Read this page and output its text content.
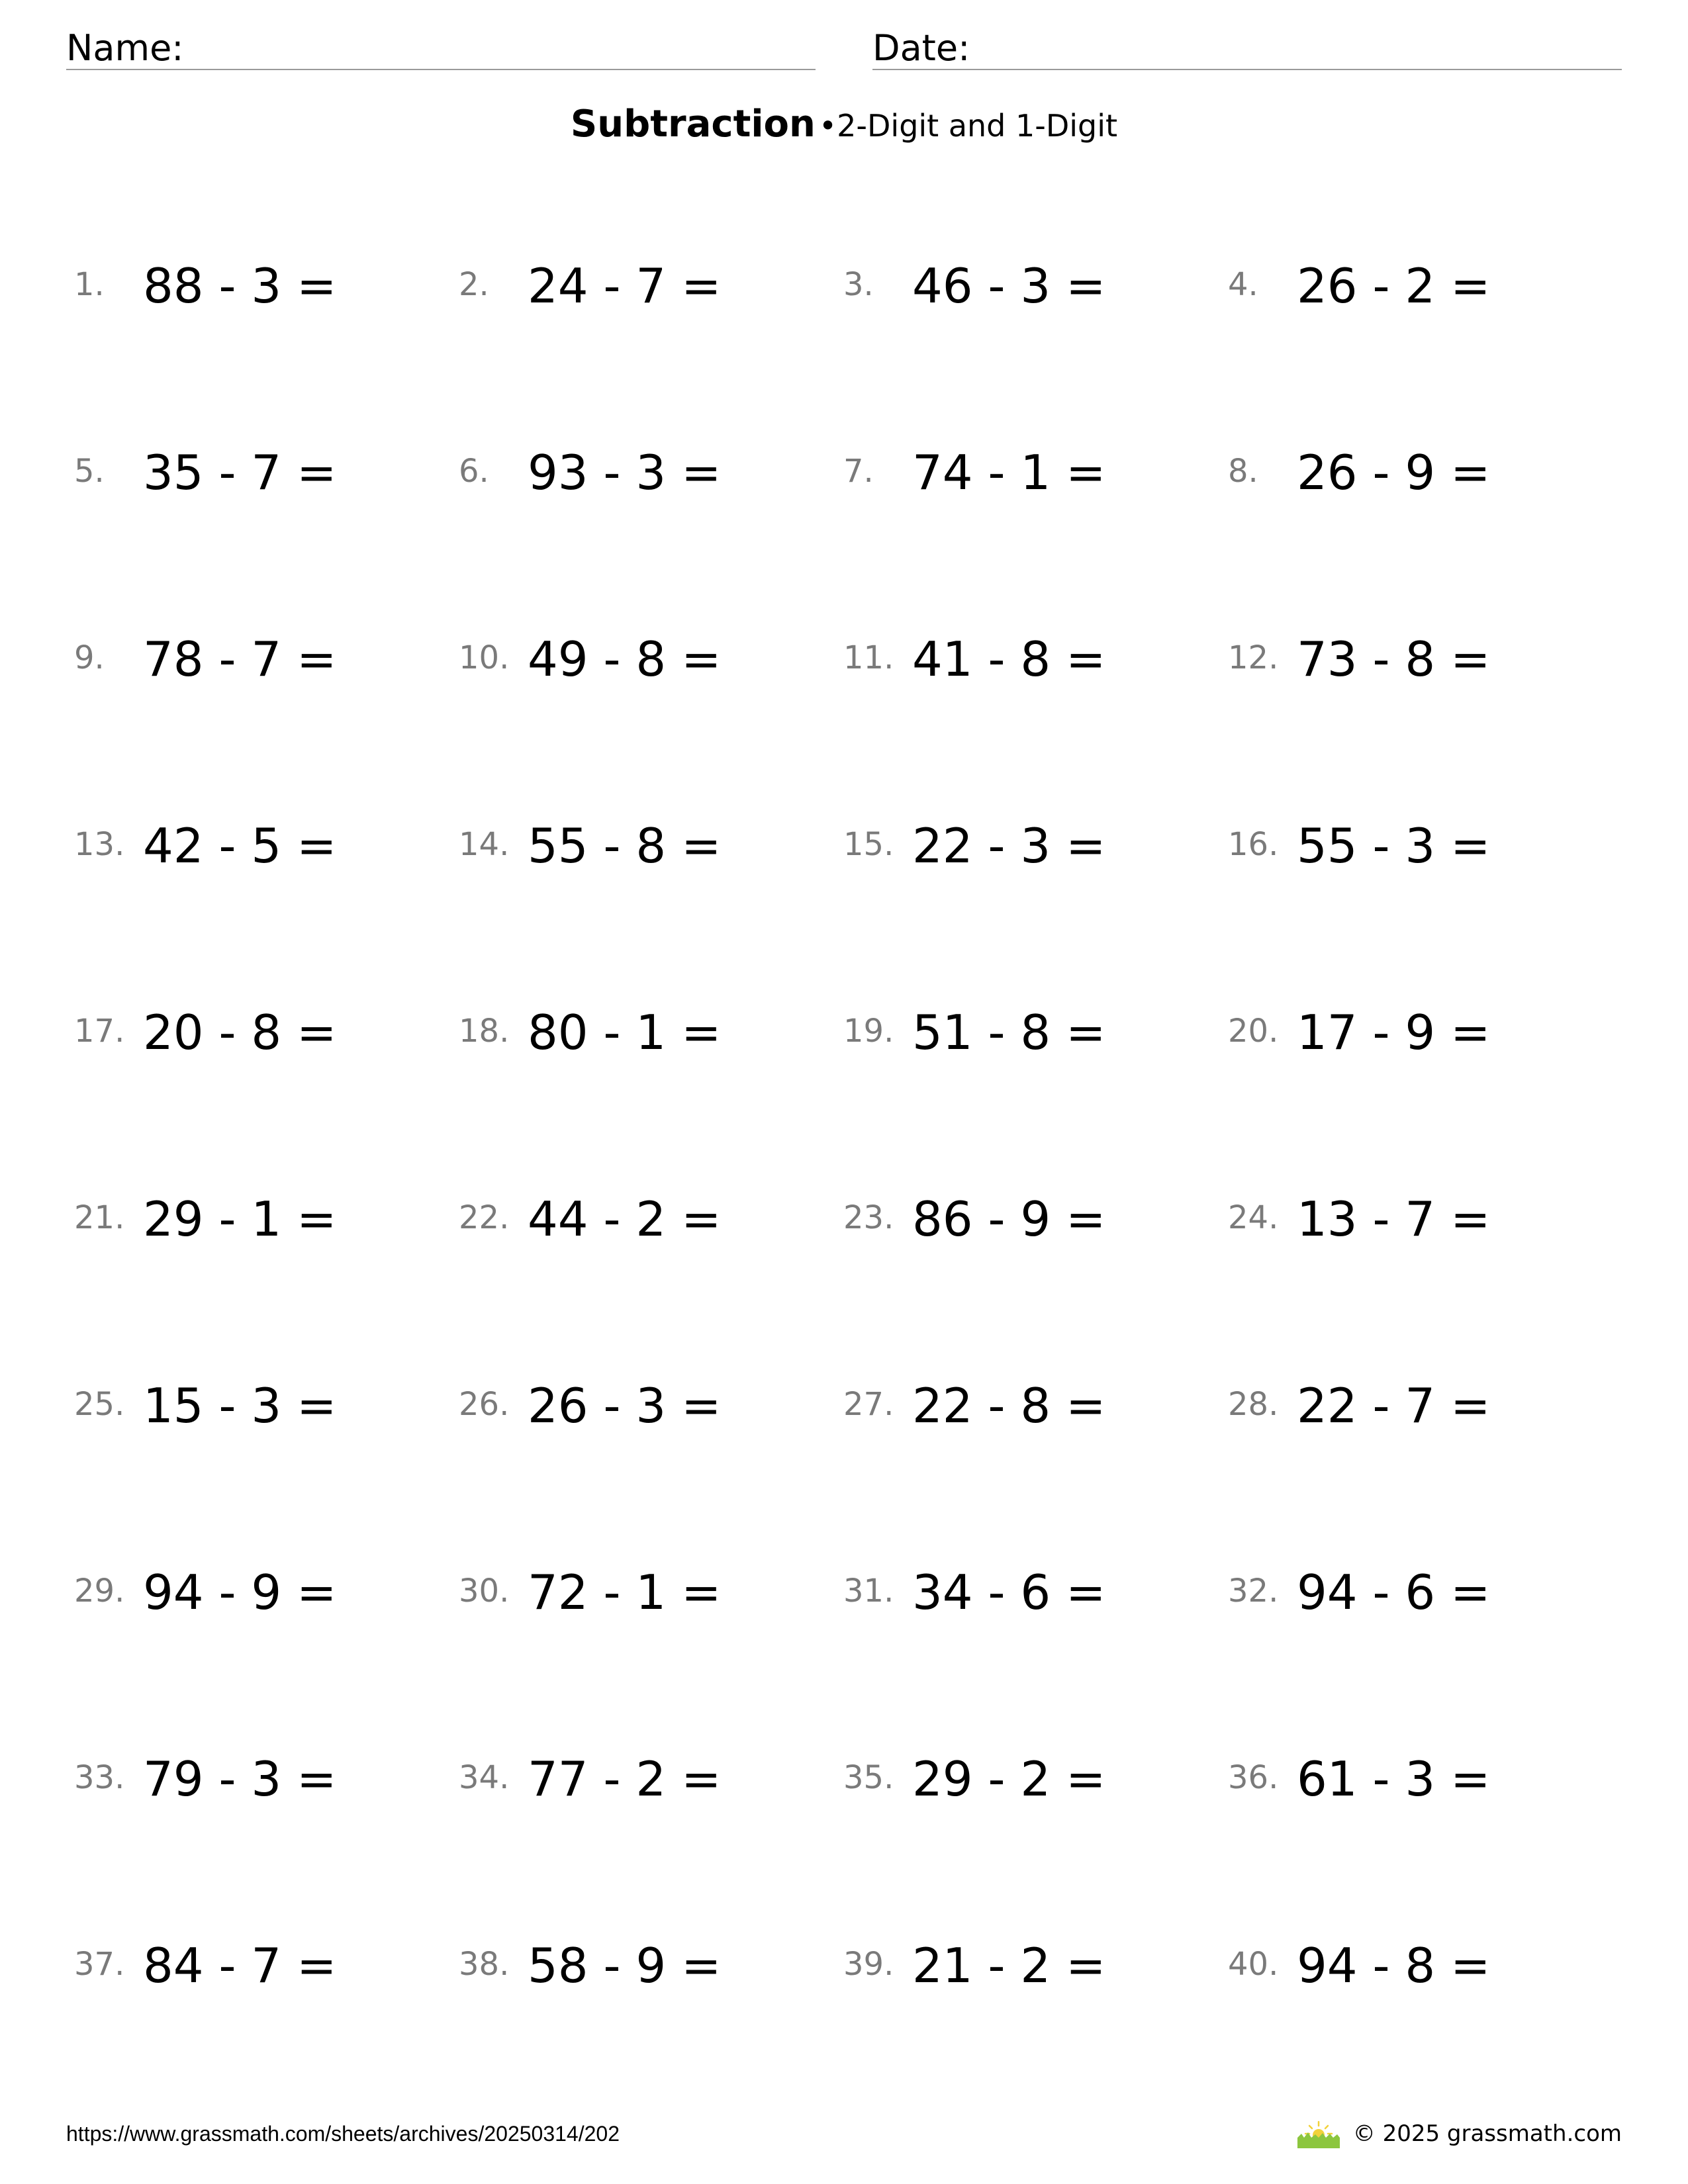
Name:	Date:
Subtraction •2-Digit and 1-Digit
1. 88 - 3 =	2. 24 - 7 =	3. 46 - 3 =	4. 26 - 2 =
5. 35 - 7 =	6. 93 - 3 =	7. 74 - 1 =	8. 26 - 9 =
9. 78 - 7 =	10. 49 - 8 =	11. 41 - 8 =	12. 73 - 8 =
13. 42 - 5 =	14. 55 - 8 =	15. 22 - 3 =	16. 55 - 3 =
17. 20 - 8 =	18. 80 - 1 =	19. 51 - 8 =	20. 17 - 9 =
21. 29 - 1 =	22. 44 - 2 =	23. 86 - 9 =	24. 13 - 7 =
25. 15 - 3 =	26. 26 - 3 =	27. 22 - 8 =	28. 22 - 7 =
29. 94 - 9 =	30. 72 - 1 =	31. 34 - 6 =	32. 94 - 6 =
33. 79 - 3 =	34. 77 - 2 =	35. 29 - 2 =	36. 61 - 3 =
37. 84 - 7 =	38. 58 - 9 =	39. 21 - 2 =	40. 94 - 8 =
https://www.grassmath.com/sheets/archives/20250314/202	© 2025 grassmath.com
